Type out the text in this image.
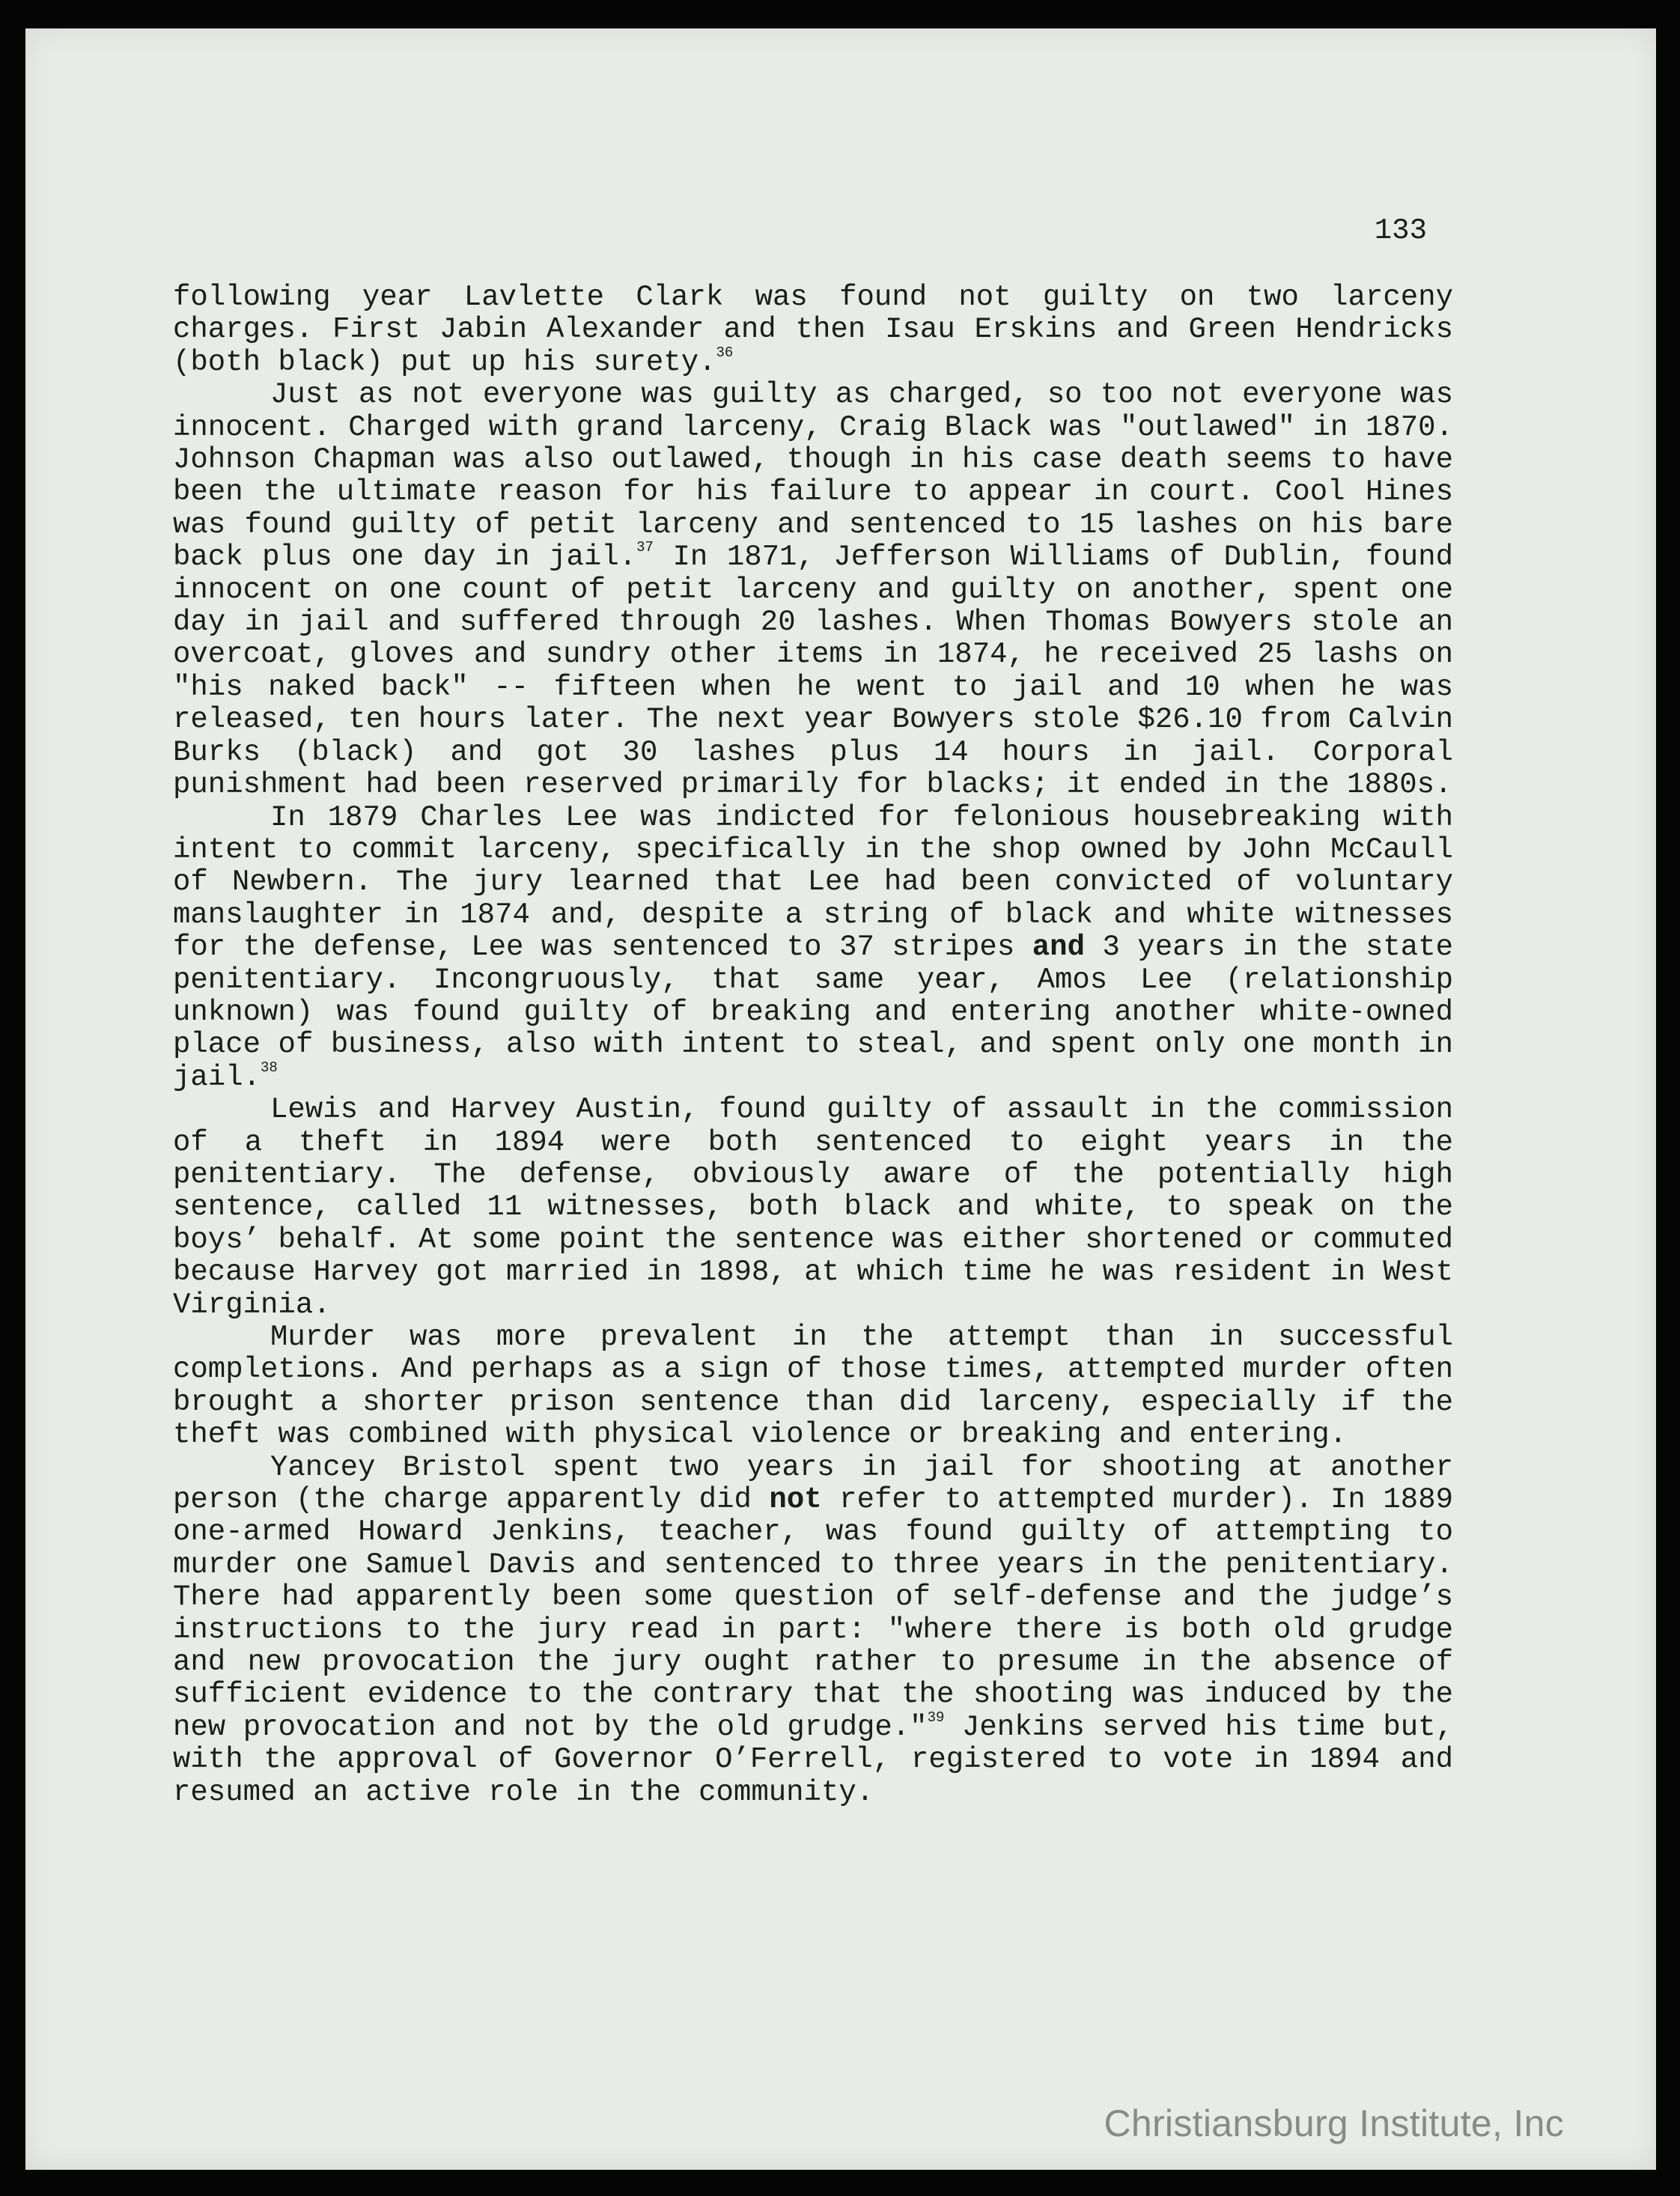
133

following year Lavlette Clark was found not guilty on two larceny charges. First Jabin Alexander and then Isau Erskins and Green Hendricks (both black) put up his surety.$^{36}$

Just as not everyone was guilty as charged, so too not everyone was innocent. Charged with grand larceny, Craig Black was "outlawed" in 1870. Johnson Chapman was also outlawed, though in his case death seems to have been the ultimate reason for his failure to appear in court. Cool Hines was found guilty of petit larceny and sentenced to 15 lashes on his bare back plus one day in jail.$^{37}$ In 1871, Jefferson Williams of Dublin, found innocent on one count of petit larceny and guilty on another, spent one day in jail and suffered through 20 lashes. When Thomas Bowyers stole an overcoat, gloves and sundry other items in 1874, he received 25 lashs on "his naked back" -- fifteen when he went to jail and 10 when he was released, ten hours later. The next year Bowyers stole $26.10 from Calvin Burks (black) and got 30 lashes plus 14 hours in jail. Corporal punishment had been reserved primarily for blacks; it ended in the 1880s.

In 1879 Charles Lee was indicted for felonious housebreaking with intent to commit larceny, specifically in the shop owned by John McCaull of Newbern. The jury learned that Lee had been convicted of voluntary manslaughter in 1874 and, despite a string of black and white witnesses for the defense, Lee was sentenced to 37 stripes and 3 years in the state penitentiary. Incongruously, that same year, Amos Lee (relationship unknown) was found guilty of breaking and entering another white-owned place of business, also with intent to steal, and spent only one month in jail.$^{38}$

Lewis and Harvey Austin, found guilty of assault in the commission of a theft in 1894 were both sentenced to eight years in the penitentiary. The defense, obviously aware of the potentially high sentence, called 11 witnesses, both black and white, to speak on the boys’ behalf. At some point the sentence was either shortened or commuted because Harvey got married in 1898, at which time he was resident in West Virginia.

Murder was more prevalent in the attempt than in successful completions. And perhaps as a sign of those times, attempted murder often brought a shorter prison sentence than did larceny, especially if the theft was combined with physical violence or breaking and entering.

Yancey Bristol spent two years in jail for shooting at another person (the charge apparently did not refer to attempted murder). In 1889 one-armed Howard Jenkins, teacher, was found guilty of attempting to murder one Samuel Davis and sentenced to three years in the penitentiary. There had apparently been some question of self-defense and the judge’s instructions to the jury read in part: "where there is both old grudge and new provocation the jury ought rather to presume in the absence of sufficient evidence to the contrary that the shooting was induced by the new provocation and not by the old grudge."$^{39}$ Jenkins served his time but, with the approval of Governor O’Ferrell, registered to vote in 1894 and resumed an active role in the community.

Christiansburg Institute, Inc
